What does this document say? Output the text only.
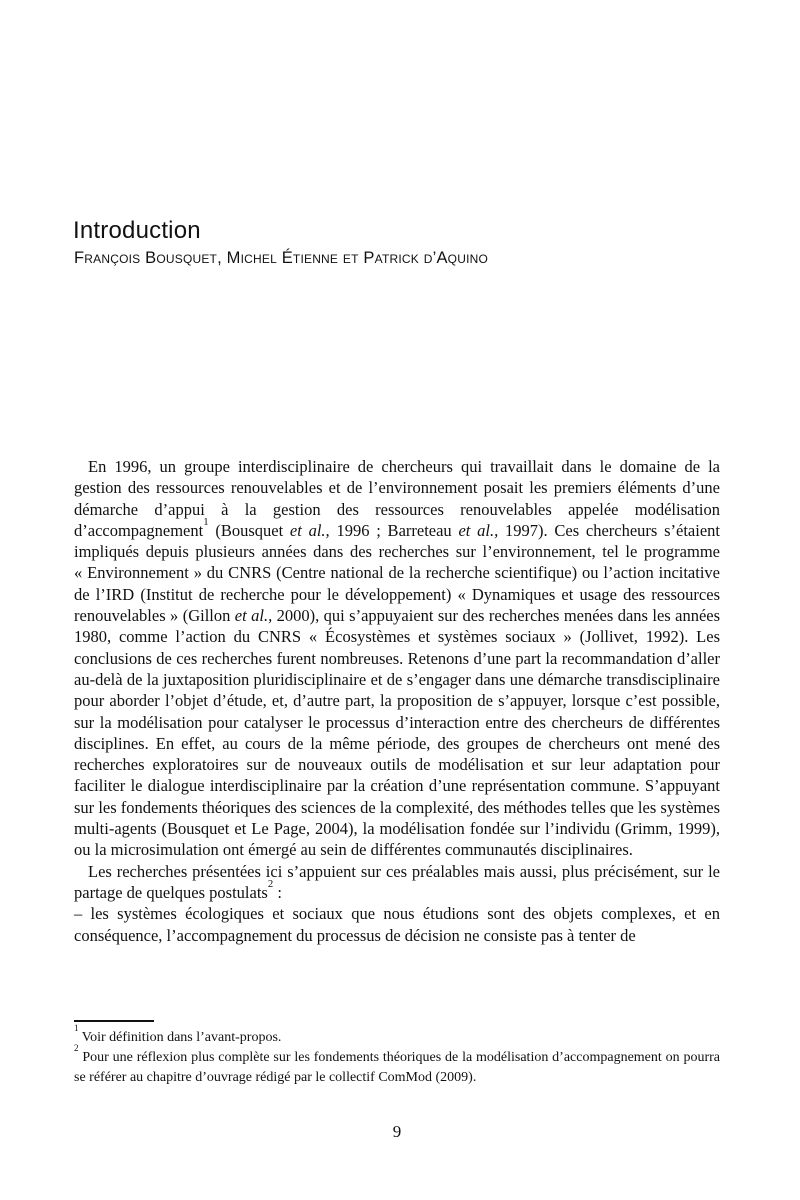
Introduction
François Bousquet, Michel Étienne et Patrick d’Aquino

En 1996, un groupe interdisciplinaire de chercheurs qui travaillait dans le domaine de la gestion des ressources renouvelables et de l’environnement posait les premiers éléments d’une démarche d’appui à la gestion des ressources renouvelables appelée modélisation d’accompagnement$^1$ (Bousquet et al., 1996 ; Barreteau et al., 1997). Ces chercheurs s’étaient impliqués depuis plusieurs années dans des recherches sur l’environnement, tel le programme « Environnement » du CNRS (Centre national de la recherche scientifique) ou l’action incitative de l’IRD (Institut de recherche pour le développement) « Dynamiques et usage des ressources renouvelables » (Gillon et al., 2000), qui s’appuyaient sur des recherches menées dans les années 1980, comme l’action du CNRS « Écosystèmes et systèmes sociaux » (Jollivet, 1992). Les conclusions de ces recherches furent nombreuses. Retenons d’une part la recommandation d’aller au-delà de la juxtaposition pluridisciplinaire et de s’engager dans une démarche transdisciplinaire pour aborder l’objet d’étude, et, d’autre part, la proposition de s’appuyer, lorsque c’est possible, sur la modélisation pour catalyser le processus d’interaction entre des chercheurs de différentes disciplines. En effet, au cours de la même période, des groupes de chercheurs ont mené des recherches exploratoires sur de nouveaux outils de modélisation et sur leur adaptation pour faciliter le dialogue interdisciplinaire par la création d’une représentation commune. S’appuyant sur les fondements théoriques des sciences de la complexité, des méthodes telles que les systèmes multi-agents (Bousquet et Le Page, 2004), la modélisation fondée sur l’individu (Grimm, 1999), ou la microsimulation ont émergé au sein de différentes communautés disciplinaires.

Les recherches présentées ici s’appuient sur ces préalables mais aussi, plus précisément, sur le partage de quelques postulats$^2$ :

– les systèmes écologiques et sociaux que nous étudions sont des objets complexes, et en conséquence, l’accompagnement du processus de décision ne consiste pas à tenter de

$^1$ Voir définition dans l’avant-propos.
$^2$ Pour une réflexion plus complète sur les fondements théoriques de la modélisation d’accompagnement on pourra se référer au chapitre d’ouvrage rédigé par le collectif ComMod (2009).
9
